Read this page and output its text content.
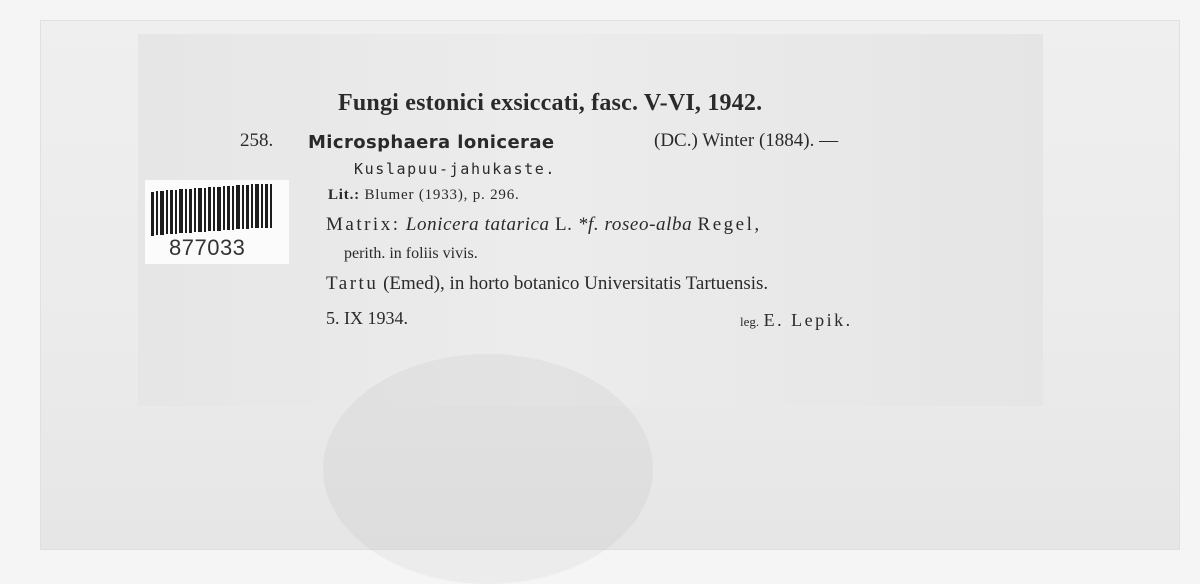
Fungi estonici exsiccati, fasc. V-VI, 1942.
258. Microsphaera lonicerae	(DC.) Winter (1884). —
Kuslapuu-jahukaste.
Lit.: Blumer (1933), p. 296.
Matrix: Lonicera tatarica L. *f. roseo-alba Regel,
perith. in foliis vivis.
Tartu (Emed), in horto botanico Universitatis Tartuensis.
5. IX 1934.	leg. E. Lepik.
877033
